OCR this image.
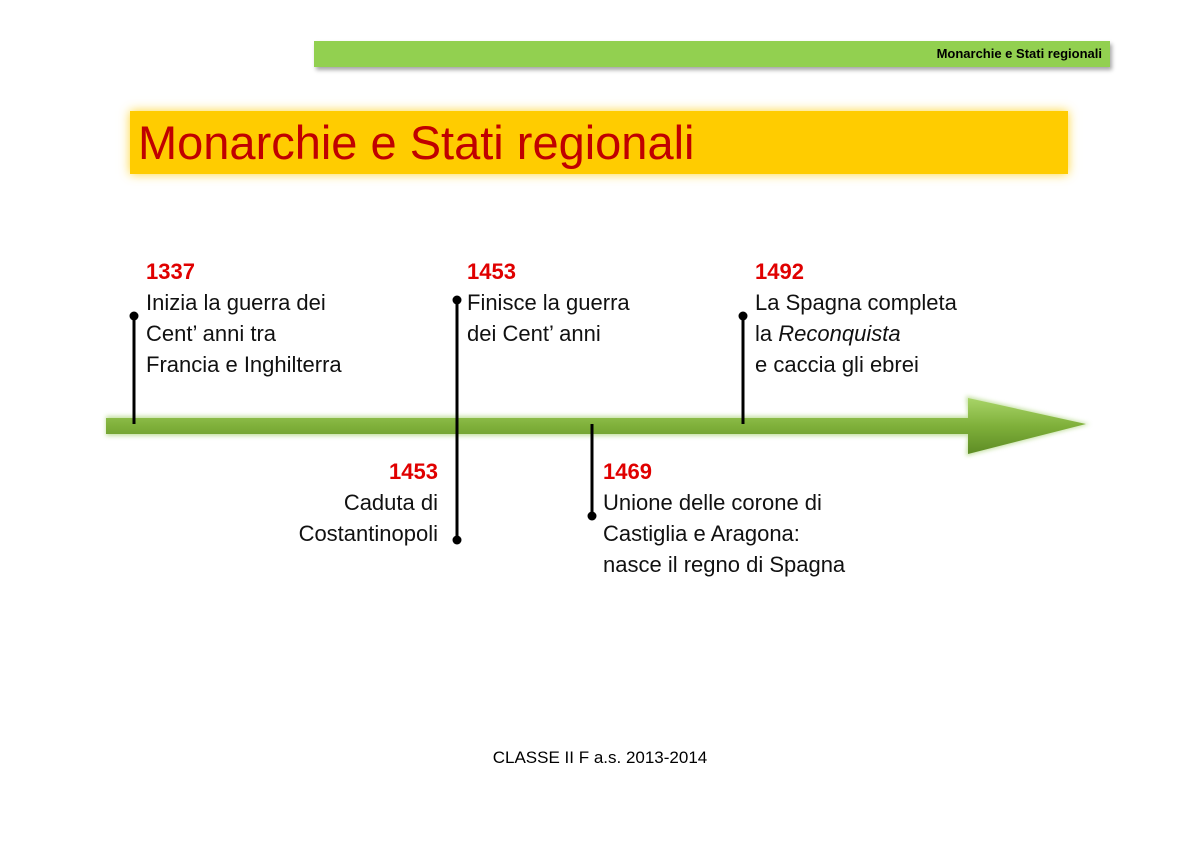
Monarchie e Stati regionali
Monarchie e Stati regionali
1337
Inizia la guerra dei
Cent’ anni tra
Francia e Inghilterra
1453
Finisce la guerra
dei Cent’ anni
1492
La Spagna completa
la Reconquista
e caccia gli ebrei
1453
Caduta di
Costantinopoli
1469
Unione delle corone di
Castiglia e Aragona:
nasce il regno di Spagna
CLASSE II F a.s. 2013-2014
